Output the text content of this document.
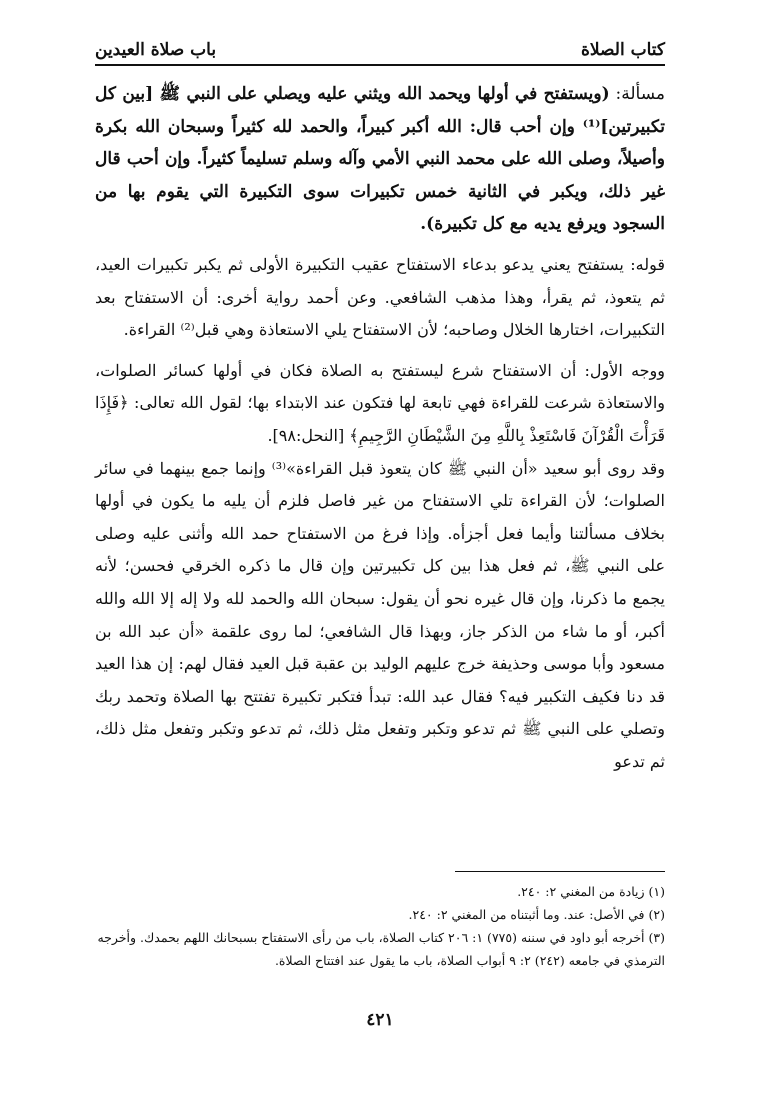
كتاب الصلاة
باب صلاة العيدين

مسألة: (ويستفتح في أولها ويحمد الله ويثني عليه ويصلي على النبي ﷺ [بين كل تكبيرتين]⁽¹⁾ وإن أحب قال: الله أكبر كبيراً، والحمد لله كثيراً وسبحان الله بكرة وأصيلاً، وصلى الله على محمد النبي الأمي وآله وسلم تسليماً كثيراً. وإن أحب قال غير ذلك، ويكبر في الثانية خمس تكبيرات سوى التكبيرة التي يقوم بها من السجود ويرفع يديه مع كل تكبيرة).

قوله: يستفتح يعني يدعو بدعاء الاستفتاح عقيب التكبيرة الأولى ثم يكبر تكبيرات العيد، ثم يتعوذ، ثم يقرأ، وهذا مذهب الشافعي. وعن أحمد رواية أخرى: أن الاستفتاح بعد التكبيرات، اختارها الخلال وصاحبه؛ لأن الاستفتاح يلي الاستعاذة وهي قبل⁽²⁾ القراءة.

ووجه الأول: أن الاستفتاح شرع ليستفتح به الصلاة فكان في أولها كسائر الصلوات، والاستعاذة شرعت للقراءة فهي تابعة لها فتكون عند الابتداء بها؛ لقول الله تعالى: ﴿فَإِذَا قَرَأْتَ الْقُرْآنَ فَاسْتَعِذْ بِاللَّهِ مِنَ الشَّيْطَانِ الرَّجِيمِ﴾ [النحل:٩٨].

وقد روى أبو سعيد «أن النبي ﷺ كان يتعوذ قبل القراءة»⁽³⁾ وإنما جمع بينهما في سائر الصلوات؛ لأن القراءة تلي الاستفتاح من غير فاصل فلزم أن يليه ما يكون في أولها بخلاف مسألتنا وأيما فعل أجزأه. وإذا فرغ من الاستفتاح حمد الله وأثنى عليه وصلى على النبي ﷺ، ثم فعل هذا بين كل تكبيرتين وإن قال ما ذكره الخرقي فحسن؛ لأنه يجمع ما ذكرنا، وإن قال غيره نحو أن يقول: سبحان الله والحمد لله ولا إله إلا الله والله أكبر، أو ما شاء من الذكر جاز، وبهذا قال الشافعي؛ لما روى علقمة «أن عبد الله بن مسعود وأبا موسى وحذيفة خرج عليهم الوليد بن عقبة قبل العيد فقال لهم: إن هذا العيد قد دنا فكيف التكبير فيه؟ فقال عبد الله: تبدأ فتكبر تكبيرة تفتتح بها الصلاة وتحمد ربك وتصلي على النبي ﷺ ثم تدعو وتكبر وتفعل مثل ذلك، ثم تدعو وتكبر وتفعل مثل ذلك، ثم تدعو

(١) زيادة من المغني ٢: ٢٤٠.

(٢) في الأصل: عند. وما أثبتناه من المغني ٢: ٢٤٠.

(٣) أخرجه أبو داود في سننه (٧٧٥) ١: ٢٠٦ كتاب الصلاة، باب من رأى الاستفتاح بسبحانك اللهم بحمدك. وأخرجه الترمذي في جامعه (٢٤٢) ٢: ٩ أبواب الصلاة، باب ما يقول عند افتتاح الصلاة.

٤٢١
